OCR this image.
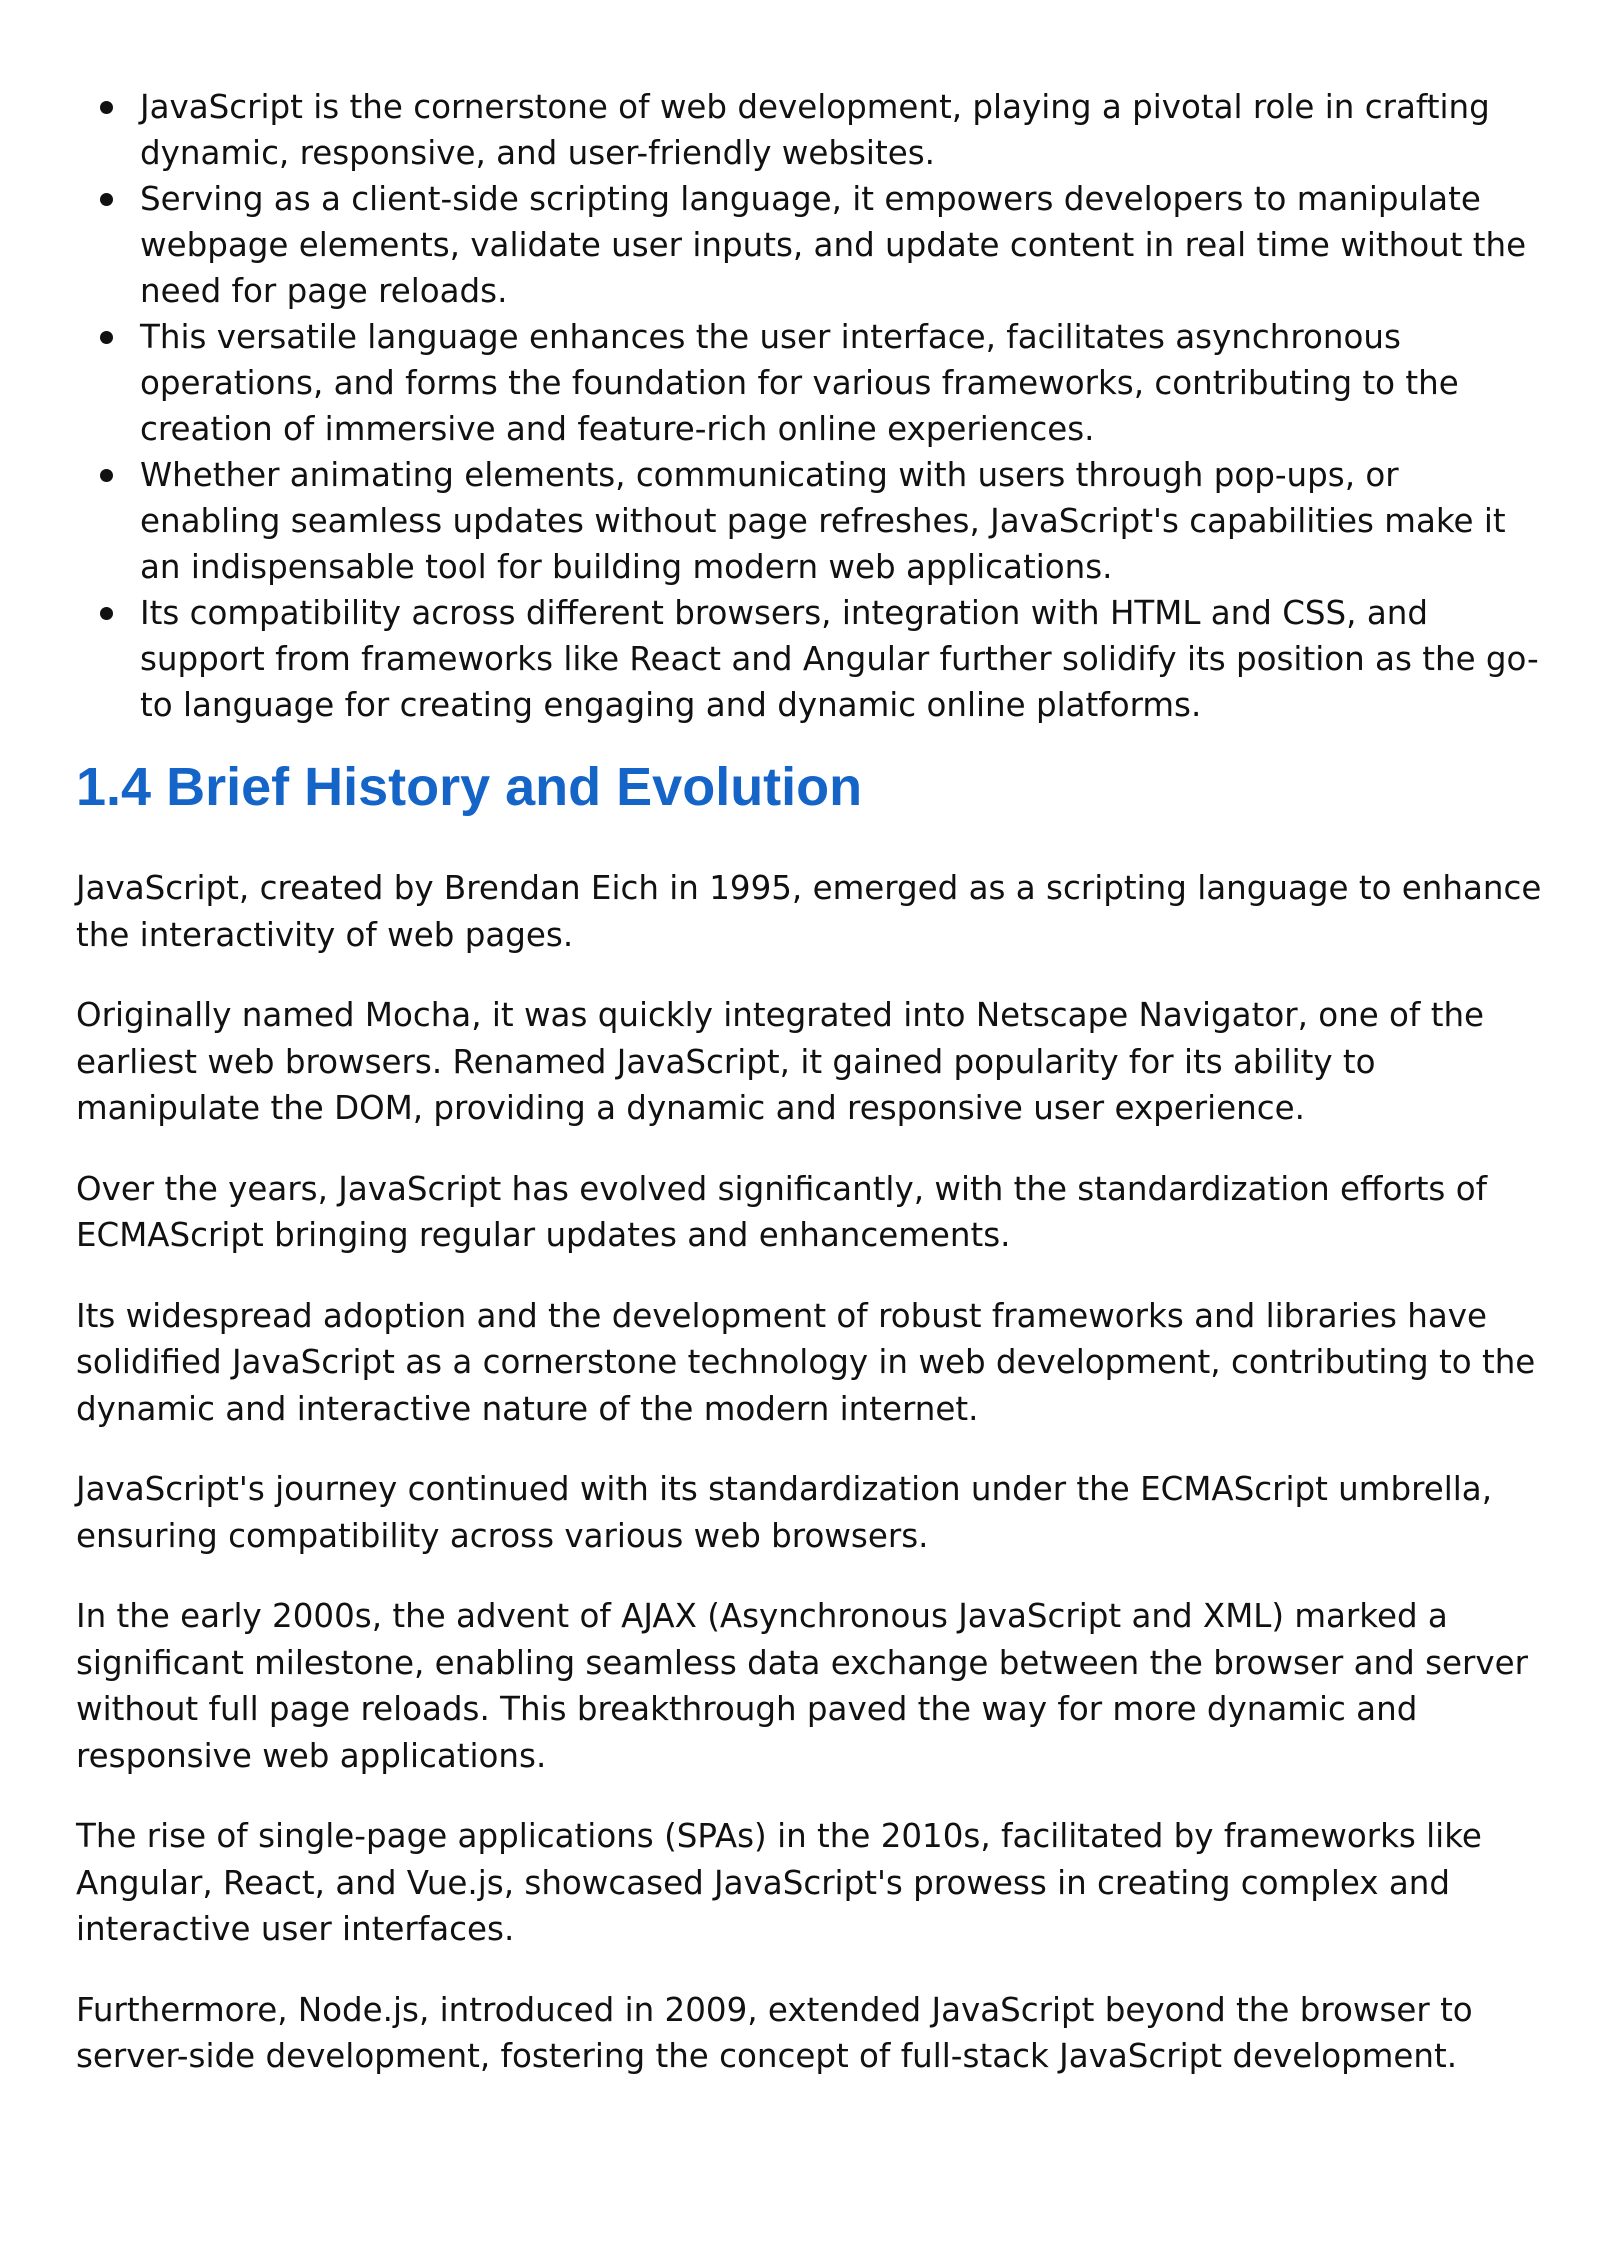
JavaScript is the cornerstone of web development, playing a pivotal role in crafting dynamic, responsive, and user-friendly websites.
Serving as a client-side scripting language, it empowers developers to manipulate webpage elements, validate user inputs, and update content in real time without the need for page reloads.
This versatile language enhances the user interface, facilitates asynchronous operations, and forms the foundation for various frameworks, contributing to the creation of immersive and feature-rich online experiences.
Whether animating elements, communicating with users through pop-ups, or enabling seamless updates without page refreshes, JavaScript's capabilities make it an indispensable tool for building modern web applications.
Its compatibility across different browsers, integration with HTML and CSS, and support from frameworks like React and Angular further solidify its position as the go-to language for creating engaging and dynamic online platforms.
1.4 Brief History and Evolution

JavaScript, created by Brendan Eich in 1995, emerged as a scripting language to enhance the interactivity of web pages.

Originally named Mocha, it was quickly integrated into Netscape Navigator, one of the earliest web browsers. Renamed JavaScript, it gained popularity for its ability to manipulate the DOM, providing a dynamic and responsive user experience.

Over the years, JavaScript has evolved significantly, with the standardization efforts of ECMAScript bringing regular updates and enhancements.

Its widespread adoption and the development of robust frameworks and libraries have solidified JavaScript as a cornerstone technology in web development, contributing to the dynamic and interactive nature of the modern internet.

JavaScript's journey continued with its standardization under the ECMAScript umbrella, ensuring compatibility across various web browsers.

In the early 2000s, the advent of AJAX (Asynchronous JavaScript and XML) marked a significant milestone, enabling seamless data exchange between the browser and server without full page reloads. This breakthrough paved the way for more dynamic and responsive web applications.

The rise of single-page applications (SPAs) in the 2010s, facilitated by frameworks like Angular, React, and Vue.js, showcased JavaScript's prowess in creating complex and interactive user interfaces.

Furthermore, Node.js, introduced in 2009, extended JavaScript beyond the browser to server-side development, fostering the concept of full-stack JavaScript development.
